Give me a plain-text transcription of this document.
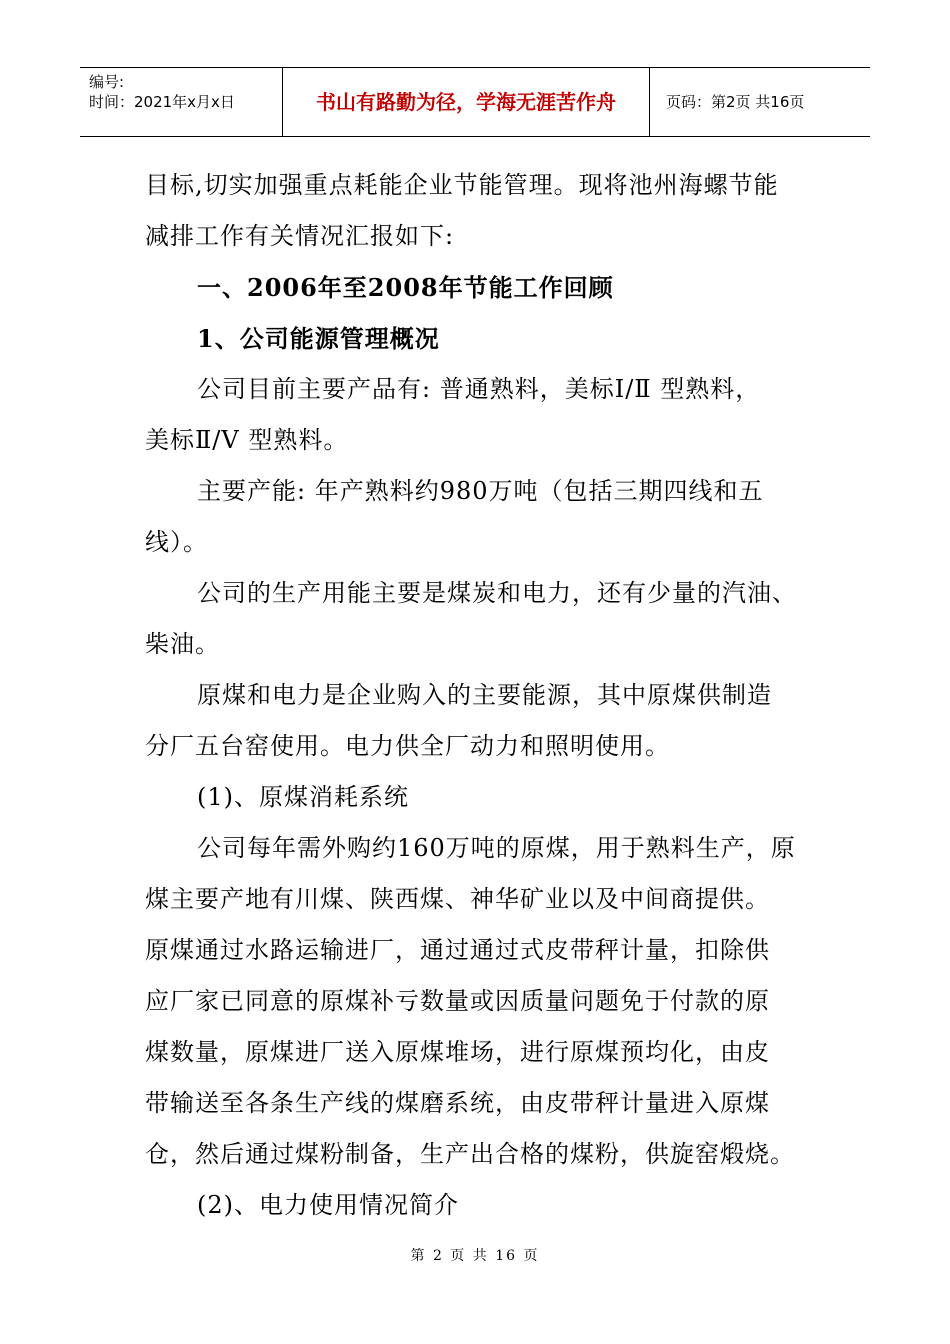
编号:
时间：2021年x月x日	书山有路勤为径，学海无涯苦作舟	页码：第2页 共16页
目标,切实加强重点耗能企业节能管理。现将池州海螺节能
减排工作有关情况汇报如下:
一、2006年至2008年节能工作回顾
1、公司能源管理概况
公司目前主要产品有: 普通熟料，美标Ⅰ/Ⅱ 型熟料，
美标Ⅱ/Ⅴ 型熟料。
主要产能: 年产熟料约980万吨（包括三期四线和五
线）。
公司的生产用能主要是煤炭和电力，还有少量的汽油、
柴油。
原煤和电力是企业购入的主要能源，其中原煤供制造
分厂五台窑使用。电力供全厂动力和照明使用。
(1)、原煤消耗系统
公司每年需外购约160万吨的原煤，用于熟料生产，原
煤主要产地有川煤、陕西煤、神华矿业以及中间商提供。
原煤通过水路运输进厂，通过通过式皮带秤计量，扣除供
应厂家已同意的原煤补亏数量或因质量问题免于付款的原
煤数量，原煤进厂送入原煤堆场，进行原煤预均化，由皮
带输送至各条生产线的煤磨系统，由皮带秤计量进入原煤
仓，然后通过煤粉制备，生产出合格的煤粉，供旋窑煅烧。
(2)、电力使用情况简介
第 2 页 共 16 页
